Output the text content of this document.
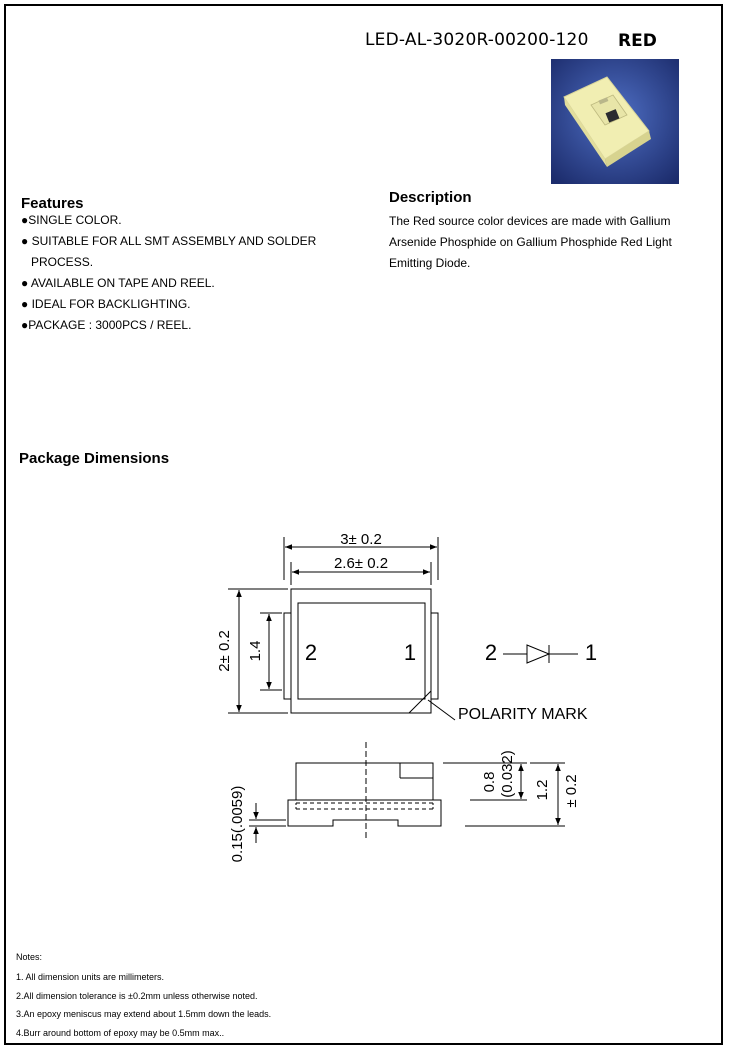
LED-AL-3020R-00200-120 RED
Features
●SINGLE COLOR.
● SUITABLE FOR ALL SMT ASSEMBLY AND SOLDER
PROCESS.
● AVAILABLE ON TAPE AND REEL.
● IDEAL FOR BACKLIGHTING.
●PACKAGE : 3000PCS / REEL.
Description
The Red source color devices are made with Gallium Arsenide Phosphide on Gallium Phosphide Red Light Emitting Diode.
Package Dimensions
3± 0.2
2.6± 0.2
2± 0.2 1.4 2	1	2	1
POLARITY MARK
0.15(.0059)
0.8 (0.032) 1.2 ± 0.2
Notes:
1. All dimension units are millimeters.
2.All dimension tolerance is ±0.2mm unless otherwise noted.
3.An epoxy meniscus may extend about 1.5mm down the leads.
4.Burr around bottom of epoxy may be 0.5mm max..
